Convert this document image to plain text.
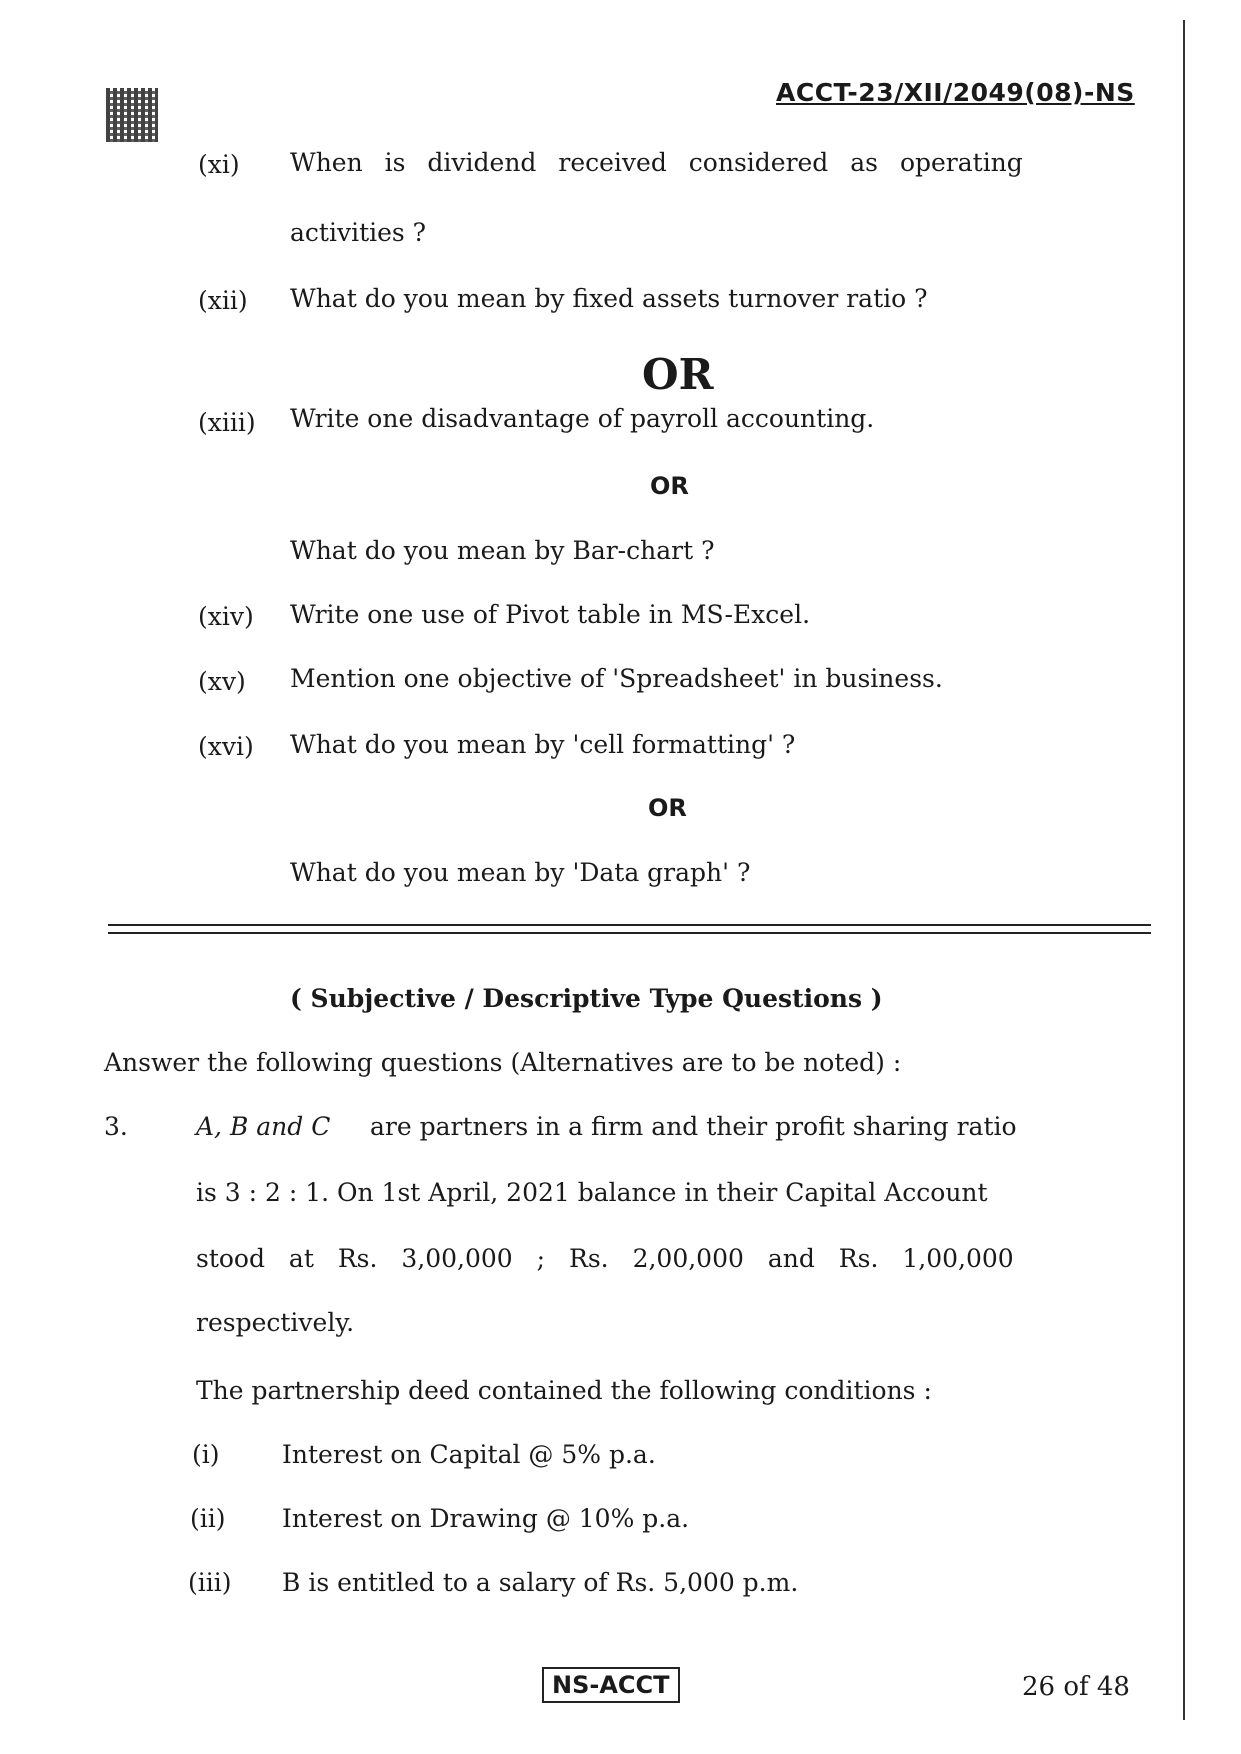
ACCT-23/XII/2049(08)-NS
(xi) When is dividend received considered as operating
activities ?
(xii) What do you mean by fixed assets turnover ratio ?
OR
(xiii) Write one disadvantage of payroll accounting.
OR
What do you mean by Bar-chart ?
(xiv) Write one use of Pivot table in MS-Excel.
(xv) Mention one objective of 'Spreadsheet' in business.
(xvi) What do you mean by 'cell formatting' ?
OR
What do you mean by 'Data graph' ?
( Subjective / Descriptive Type Questions )
Answer the following questions (Alternatives are to be noted) :
3.	A, B and C are partners in a firm and their profit sharing ratio
is 3 : 2 : 1. On 1st April, 2021 balance in their Capital Account
stood at Rs. 3,00,000 ; Rs. 2,00,000 and Rs. 1,00,000
respectively.
The partnership deed contained the following conditions :
(i) Interest on Capital @ 5% p.a.
(ii) Interest on Drawing @ 10% p.a.
(iii) B is entitled to a salary of Rs. 5,000 p.m.
NS-ACCT	26 of 48
